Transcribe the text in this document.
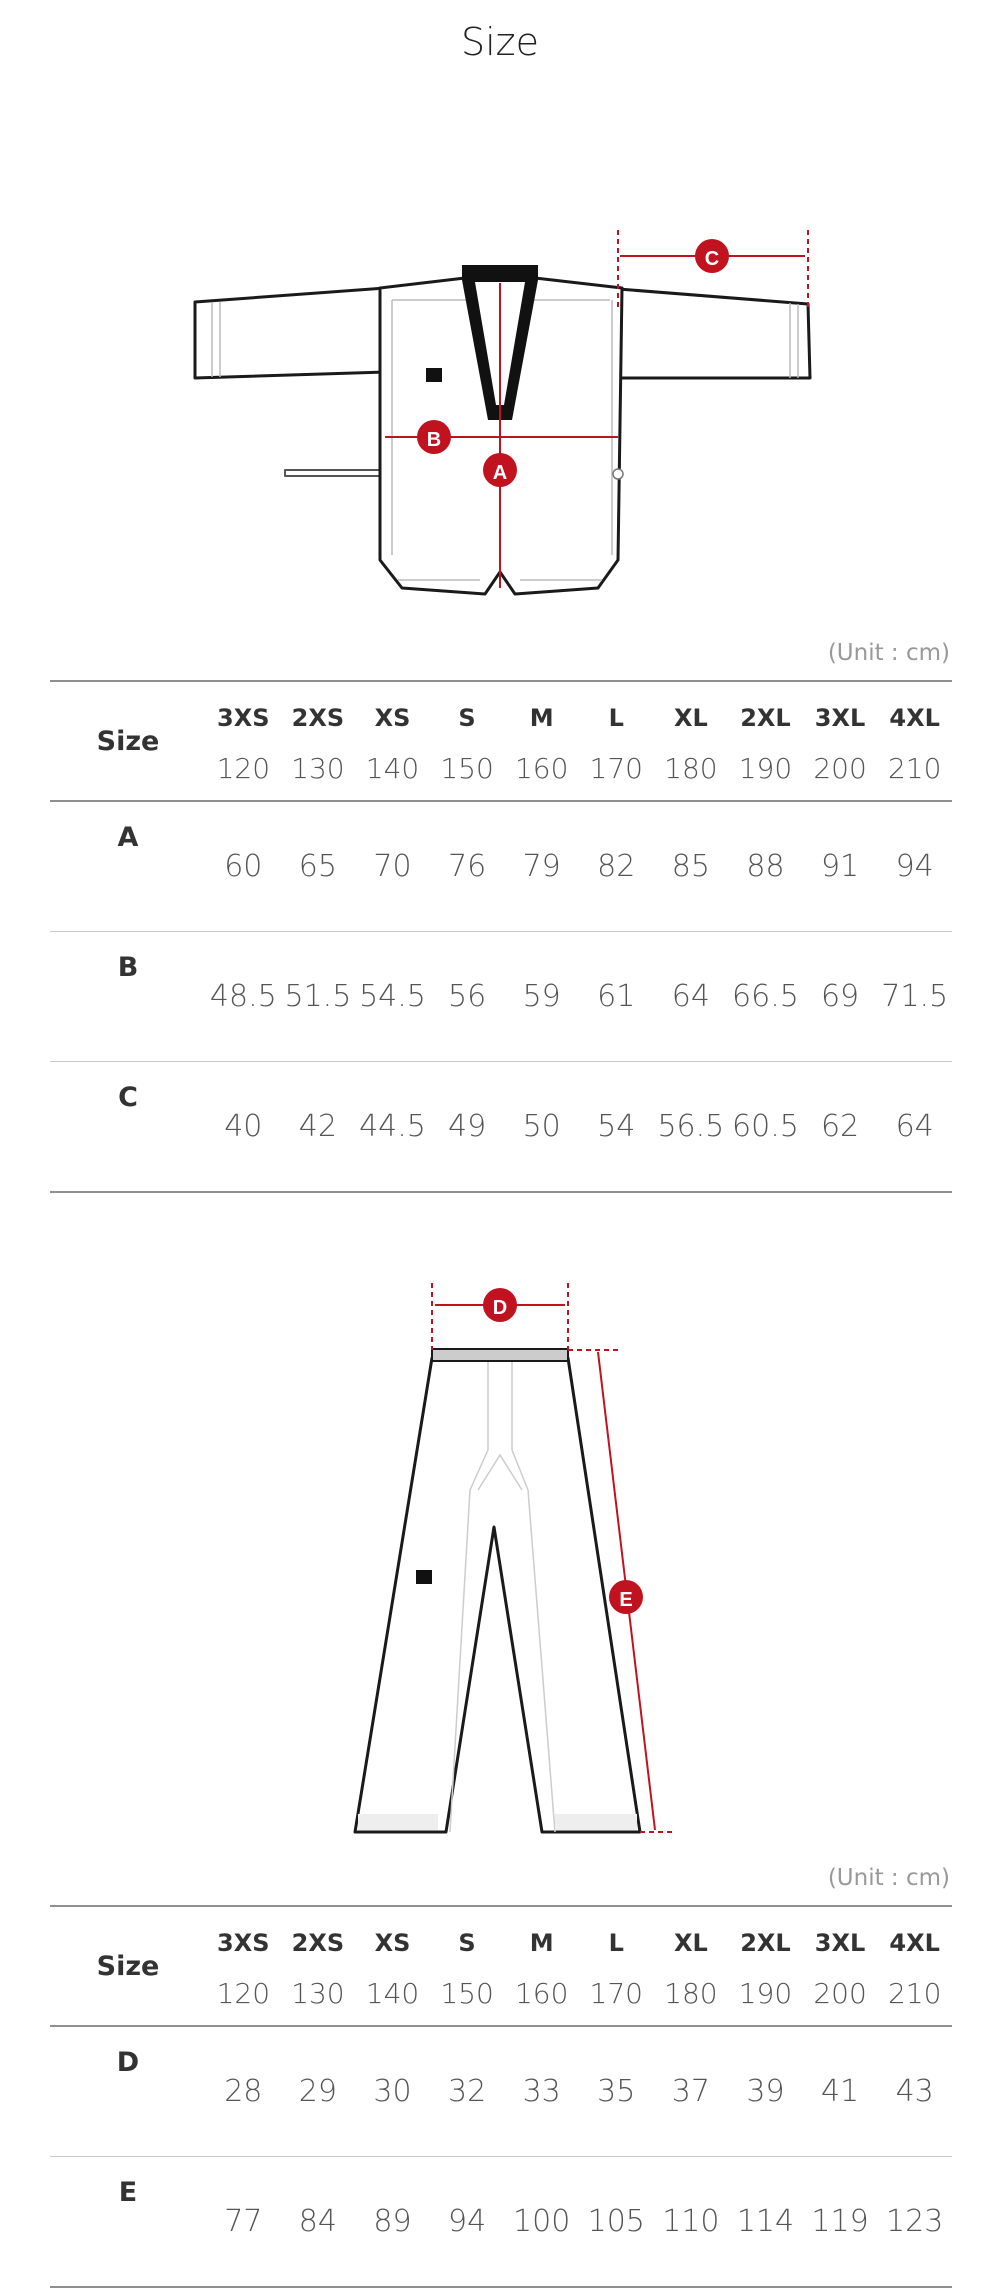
Size
A
B
C
(Unit : cm)
Size	3XS	2XS	XS	S	M	L	XL	2XL	3XL	4XL
	120	130	140	150	160	170	180	190	200	210
A	60	65	70	76	79	82	85	88	91	94
B	48.5	51.5	54.5	56	59	61	64	66.5	69	71.5
C	40	42	44.5	49	50	54	56.5	60.5	62	64
D
E
(Unit : cm)
Size	3XS	2XS	XS	S	M	L	XL	2XL	3XL	4XL
	120	130	140	150	160	170	180	190	200	210
D	28	29	30	32	33	35	37	39	41	43
E	77	84	89	94	100	105	110	114	119	123
